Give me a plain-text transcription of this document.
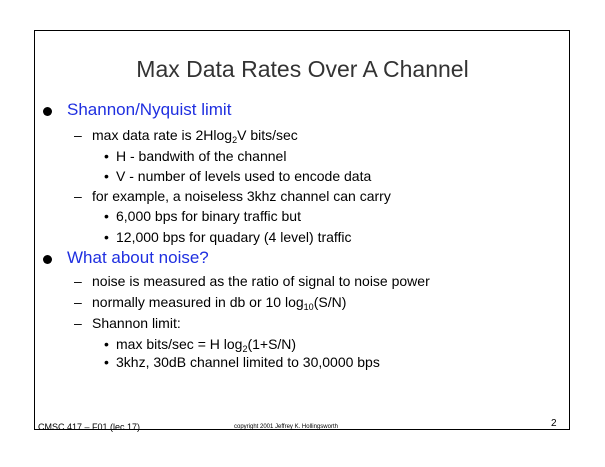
Max Data Rates Over A Channel
Shannon/Nyquist limit
– max data rate is 2Hlog$_2$V bits/sec
• H - bandwith of the channel
• V - number of levels used to encode data
– for example, a noiseless 3khz channel can carry
• 6,000 bps for binary traffic but
• 12,000 bps for quadary (4 level) traffic
What about noise?
– noise is measured as the ratio of signal to noise power
– normally measured in db or 10 $\log_{10}(S/N)$
– Shannon limit:
• max bits/sec = H $\log_2(1+S/N)$
• 3khz, 30dB channel limited to 30,0000 bps
CMSC 417 – F01 (lec 17)	copyright 2001 Jeffrey K. Hollingsworth	2
